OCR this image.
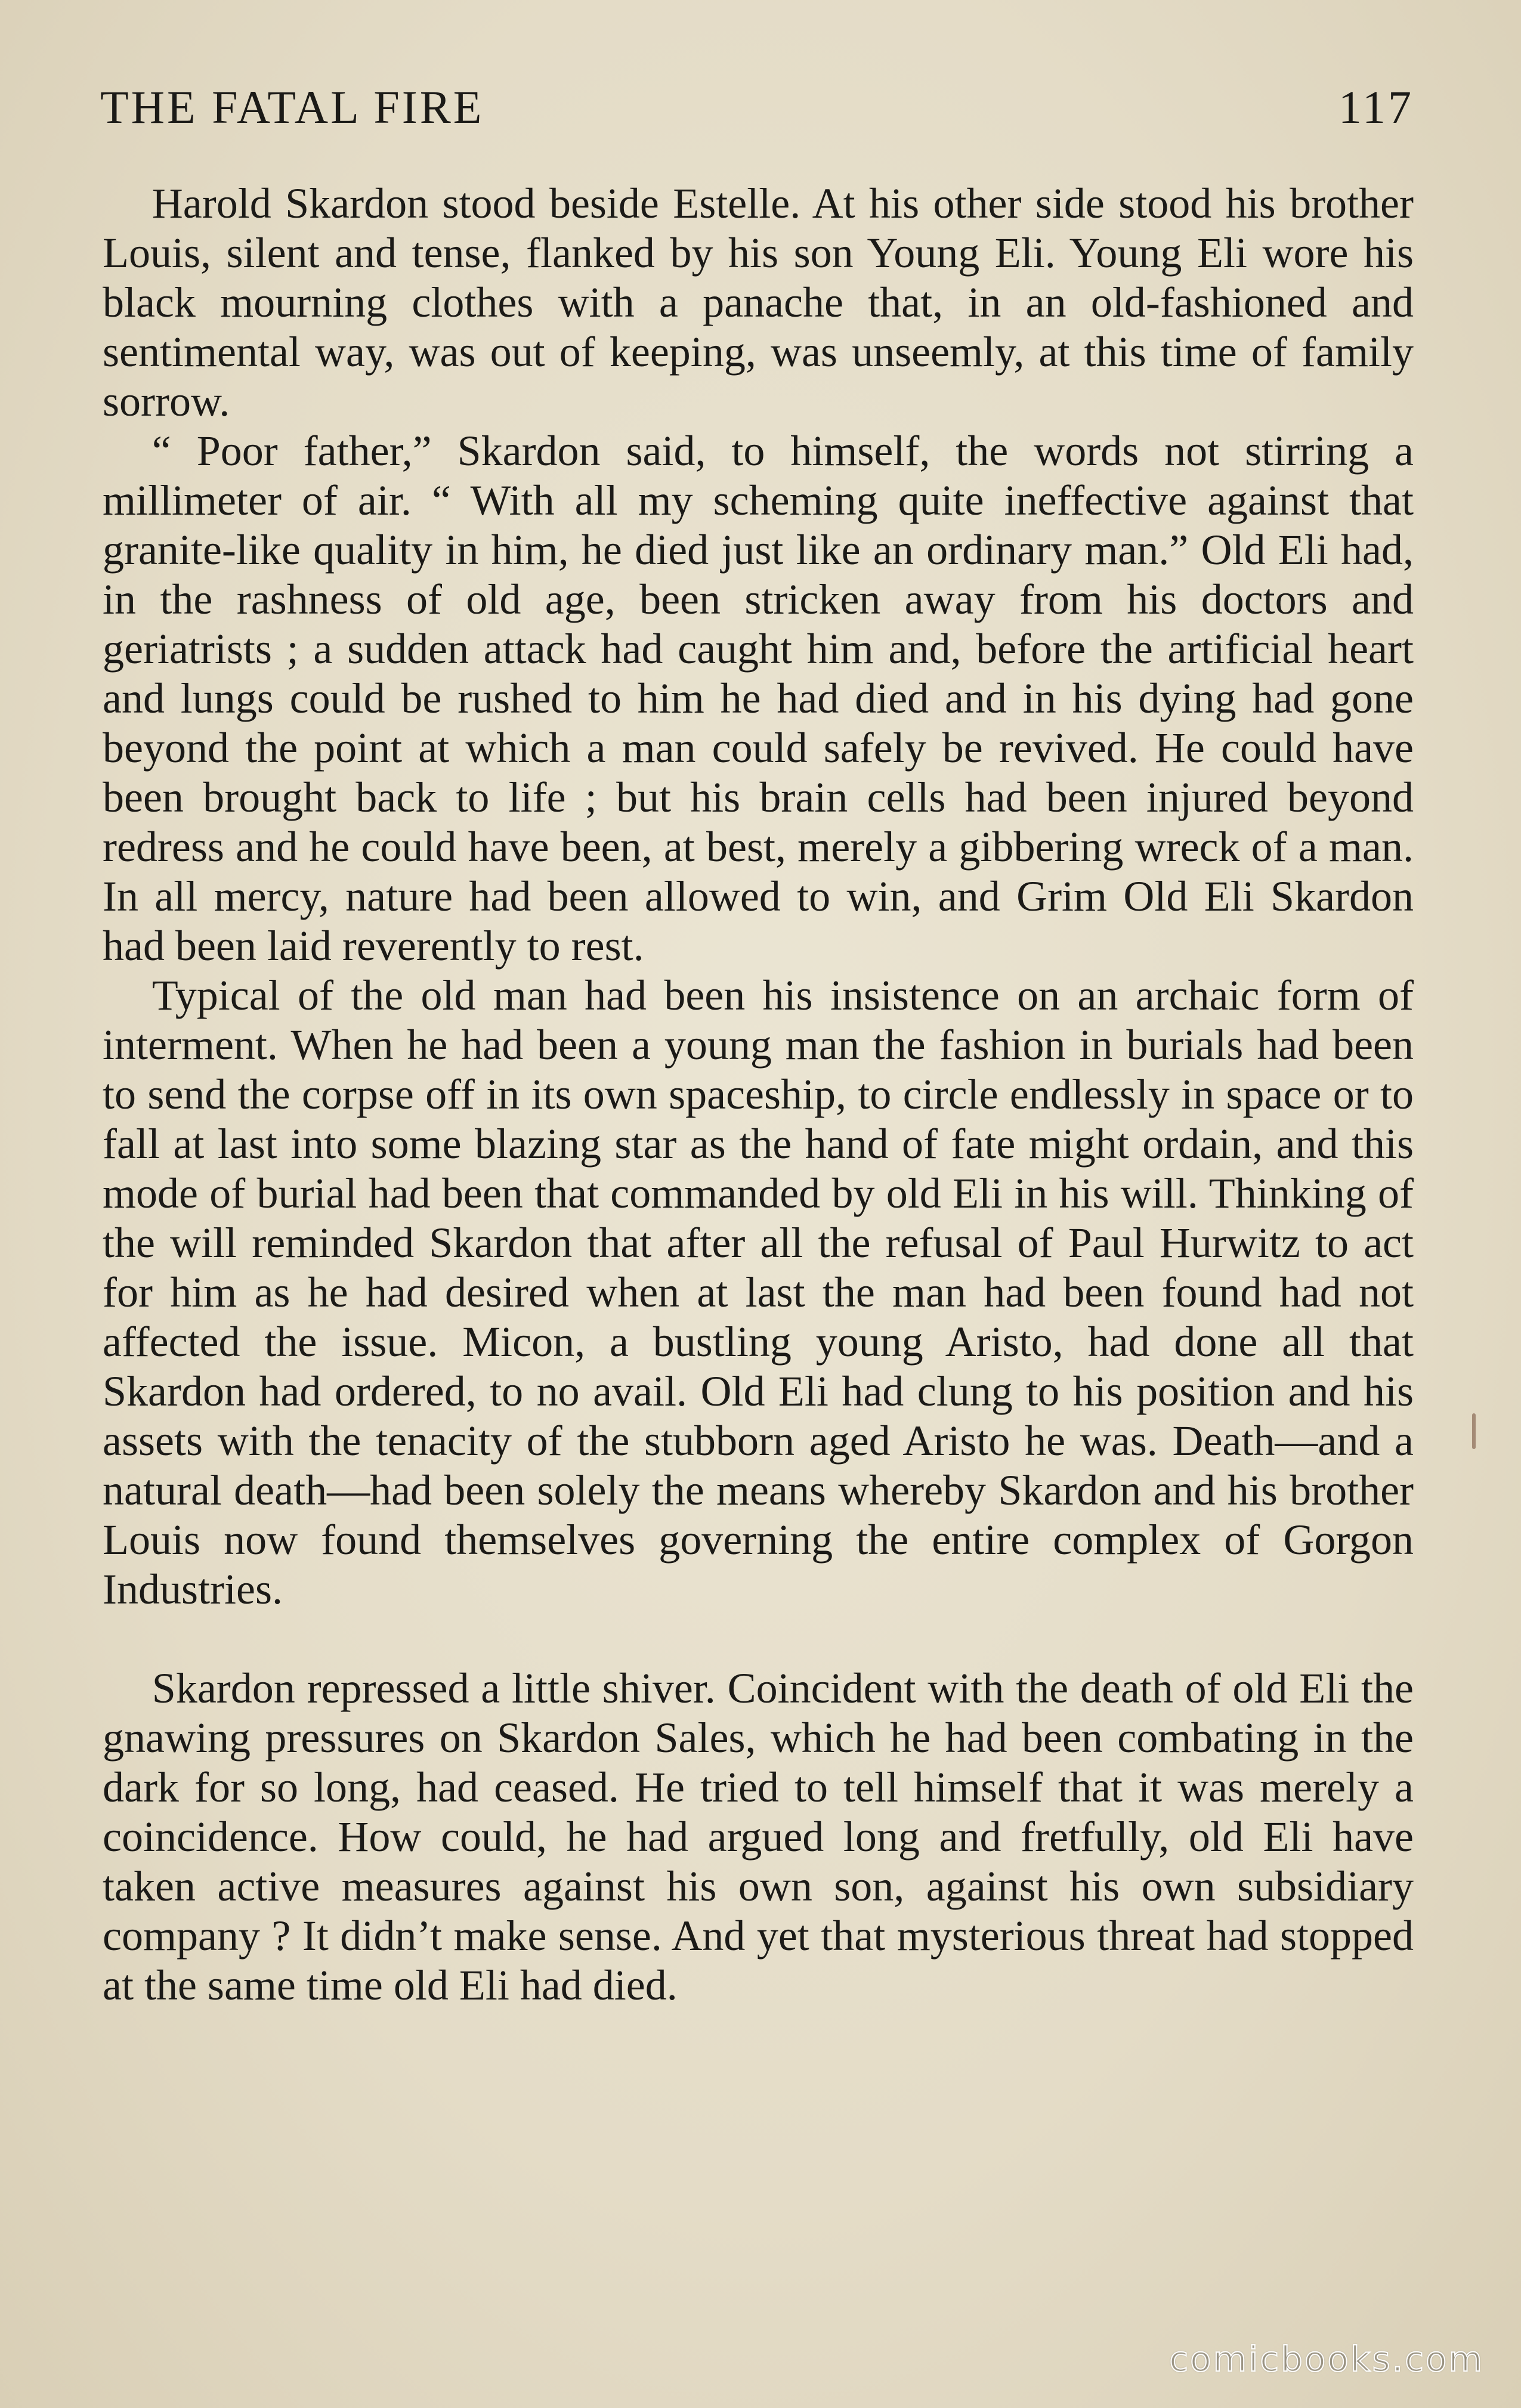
THE FATAL FIRE	117

Harold Skardon stood beside Estelle. At his other side stood his brother Louis, silent and tense, flanked by his son Young Eli. Young Eli wore his black mourning clothes with a panache that, in an old-fashioned and sentimental way, was out of keeping, was unseemly, at this time of family sorrow.

“ Poor father,” Skardon said, to himself, the words not stirring a millimeter of air. “ With all my scheming quite ineffective against that granite-like quality in him, he died just like an ordinary man.” Old Eli had, in the rashness of old age, been stricken away from his doctors and geriatrists ; a sudden attack had caught him and, before the artificial heart and lungs could be rushed to him he had died and in his dying had gone beyond the point at which a man could safely be revived. He could have been brought back to life ; but his brain cells had been injured beyond redress and he could have been, at best, merely a gibbering wreck of a man. In all mercy, nature had been allowed to win, and Grim Old Eli Skardon had been laid reverently to rest.

Typical of the old man had been his insistence on an archaic form of interment. When he had been a young man the fashion in burials had been to send the corpse off in its own spaceship, to circle endlessly in space or to fall at last into some blazing star as the hand of fate might ordain, and this mode of burial had been that commanded by old Eli in his will. Thinking of the will reminded Skardon that after all the refusal of Paul Hurwitz to act for him as he had desired when at last the man had been found had not affected the issue. Micon, a bustling young Aristo, had done all that Skardon had ordered, to no avail. Old Eli had clung to his position and his assets with the tenacity of the stubborn aged Aristo he was. Death—and a natural death—had been solely the means whereby Skardon and his brother Louis now found themselves governing the entire complex of Gorgon Industries.

Skardon repressed a little shiver. Coincident with the death of old Eli the gnawing pressures on Skardon Sales, which he had been combating in the dark for so long, had ceased. He tried to tell himself that it was merely a coincidence. How could, he had argued long and fretfully, old Eli have taken active measures against his own son, against his own subsidiary company ? It didn’t make sense. And yet that mysterious threat had stopped at the same time old Eli had died.

comicbooks.com
